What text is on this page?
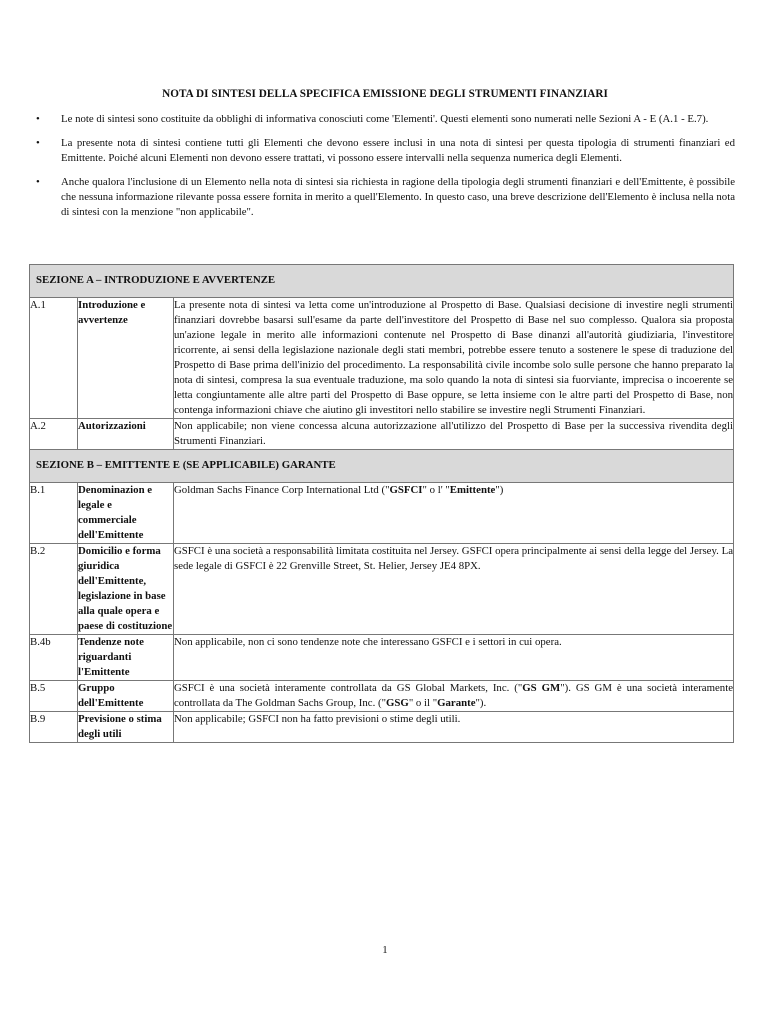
NOTA DI SINTESI DELLA SPECIFICA EMISSIONE DEGLI STRUMENTI FINANZIARI
• Le note di sintesi sono costituite da obblighi di informativa conosciuti come 'Elementi'. Questi elementi sono numerati nelle Sezioni A - E (A.1 - E.7).
• La presente nota di sintesi contiene tutti gli Elementi che devono essere inclusi in una nota di sintesi per questa tipologia di strumenti finanziari ed Emittente. Poiché alcuni Elementi non devono essere trattati, vi possono essere intervalli nella sequenza numerica degli Elementi.
• Anche qualora l'inclusione di un Elemento nella nota di sintesi sia richiesta in ragione della tipologia degli strumenti finanziari e dell'Emittente, è possibile che nessuna informazione rilevante possa essere fornita in merito a quell'Elemento. In questo caso, una breve descrizione dell'Elemento è inclusa nella nota di sintesi con la menzione "non applicabile".
SEZIONE A – INTRODUZIONE E AVVERTENZE		
A.1	Introduzione e avvertenze	La presente nota di sintesi va letta come un'introduzione al Prospetto di Base. Qualsiasi decisione di investire negli strumenti finanziari dovrebbe basarsi sull'esame da parte dell'investitore del Prospetto di Base nel suo complesso. Qualora sia proposta un'azione legale in merito alle informazioni contenute nel Prospetto di Base dinanzi all'autorità giudiziaria, l'investitore ricorrente, ai sensi della legislazione nazionale degli stati membri, potrebbe essere tenuto a sostenere le spese di traduzione del Prospetto di Base prima dell'inizio del procedimento. La responsabilità civile incombe solo sulle persone che hanno preparato la nota di sintesi, compresa la sua eventuale traduzione, ma solo quando la nota di sintesi sia fuorviante, imprecisa o incoerente se letta congiuntamente alle altre parti del Prospetto di Base oppure, se letta insieme con le altre parti del Prospetto di Base, non contenga informazioni chiave che aiutino gli investitori nello stabilire se investire negli Strumenti Finanziari.
A.2	Autorizzazioni	Non applicabile; non viene concessa alcuna autorizzazione all'utilizzo del Prospetto di Base per la successiva rivendita degli Strumenti Finanziari.
SEZIONE B – EMITTENTE E (SE APPLICABILE) GARANTE		
B.1	Denominazion e legale e commerciale dell'Emittente	Goldman Sachs Finance Corp International Ltd ("GSFCI" o l' "Emittente")
B.2	Domicilio e forma giuridica dell'Emittente, legislazione in base alla quale opera e paese di costituzione	GSFCI è una società a responsabilità limitata costituita nel Jersey. GSFCI opera principalmente ai sensi della legge del Jersey. La sede legale di GSFCI è 22 Grenville Street, St. Helier, Jersey JE4 8PX.
B.4b	Tendenze note riguardanti l'Emittente	Non applicabile, non ci sono tendenze note che interessano GSFCI e i settori in cui opera.
B.5	Gruppo dell'Emittente	GSFCI è una società interamente controllata da GS Global Markets, Inc. ("GS GM"). GS GM è una società interamente controllata da The Goldman Sachs Group, Inc. ("GSG" o il "Garante").
B.9	Previsione o stima degli utili	Non applicabile; GSFCI non ha fatto previsioni o stime degli utili.
1
